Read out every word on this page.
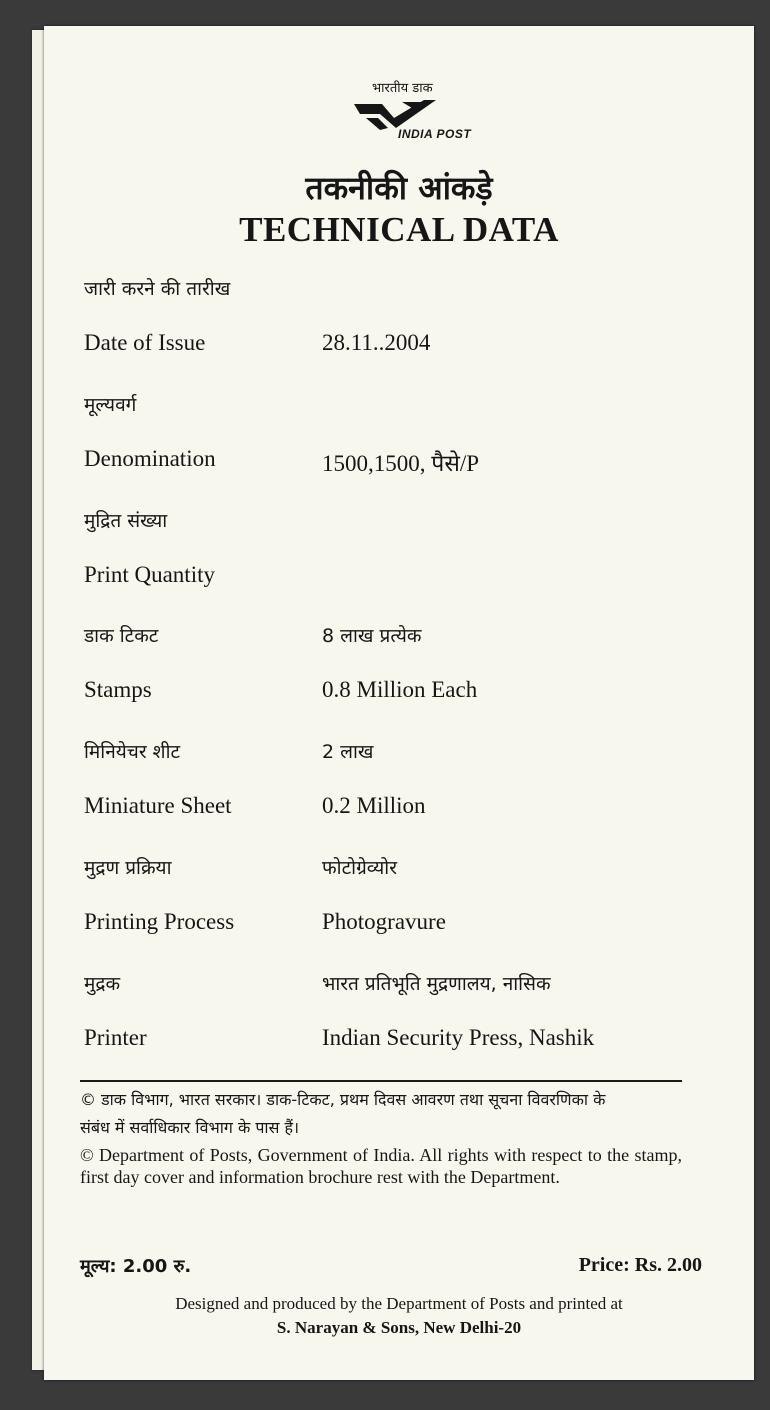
भारतीय डाक
INDIA POST
तकनीकी आंकड़े
TECHNICAL DATA
जारी करने की तारीख
Date of Issue	28.11..2004
मूल्यवर्ग
Denomination	1500,1500, पैसे/P
मुद्रित संख्या
Print Quantity
डाक टिकट	8 लाख प्रत्येक
Stamps	0.8 Million Each
मिनियेचर शीट	2 लाख
Miniature Sheet	0.2 Million
मुद्रण प्रक्रिया	फोटोग्रेव्योर
Printing Process	Photogravure
मुद्रक	भारत प्रतिभूति मुद्रणालय, नासिक
Printer	Indian Security Press, Nashik
© डाक विभाग, भारत सरकार। डाक-टिकट, प्रथम दिवस आवरण तथा सूचना विवरणिका के
संबंध में सर्वाधिकार विभाग के पास हैं।
© Department of Posts, Government of India. All rights with respect to the stamp, first day cover and information brochure rest with the Department.
मूल्य: 2.00 रु.	Price: Rs. 2.00
Designed and produced by the Department of Posts and printed at
S. Narayan & Sons, New Delhi-20
